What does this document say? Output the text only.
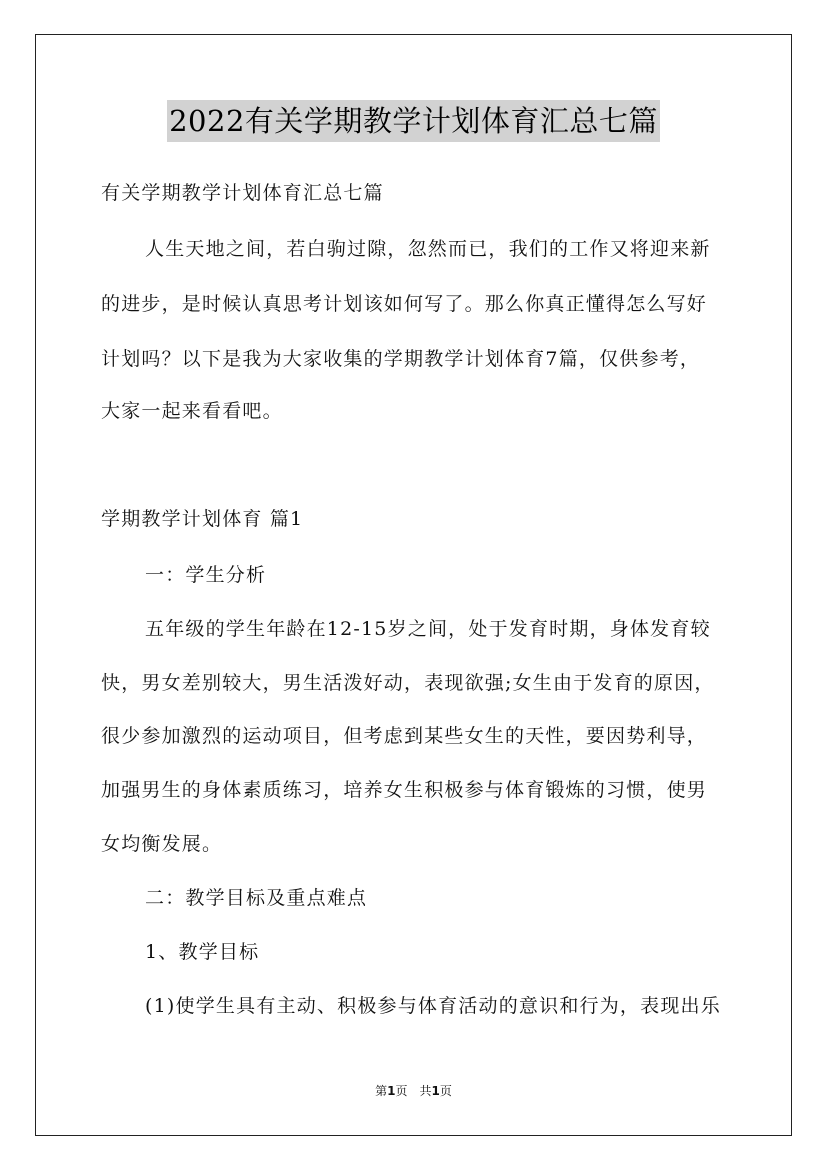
2022有关学期教学计划体育汇总七篇
有关学期教学计划体育汇总七篇
人生天地之间，若白驹过隙，忽然而已，我们的工作又将迎来新
的进步，是时候认真思考计划该如何写了。那么你真正懂得怎么写好
计划吗？以下是我为大家收集的学期教学计划体育7篇，仅供参考，
大家一起来看看吧。
学期教学计划体育 篇1
一：学生分析
五年级的学生年龄在12-15岁之间，处于发育时期，身体发育较
快，男女差别较大，男生活泼好动，表现欲强;女生由于发育的原因，
很少参加激烈的运动项目，但考虑到某些女生的天性，要因势利导，
加强男生的身体素质练习，培养女生积极参与体育锻炼的习惯，使男
女均衡发展。
二：教学目标及重点难点
1、教学目标
(1)使学生具有主动、积极参与体育活动的意识和行为，表现出乐
第1页　共1页
